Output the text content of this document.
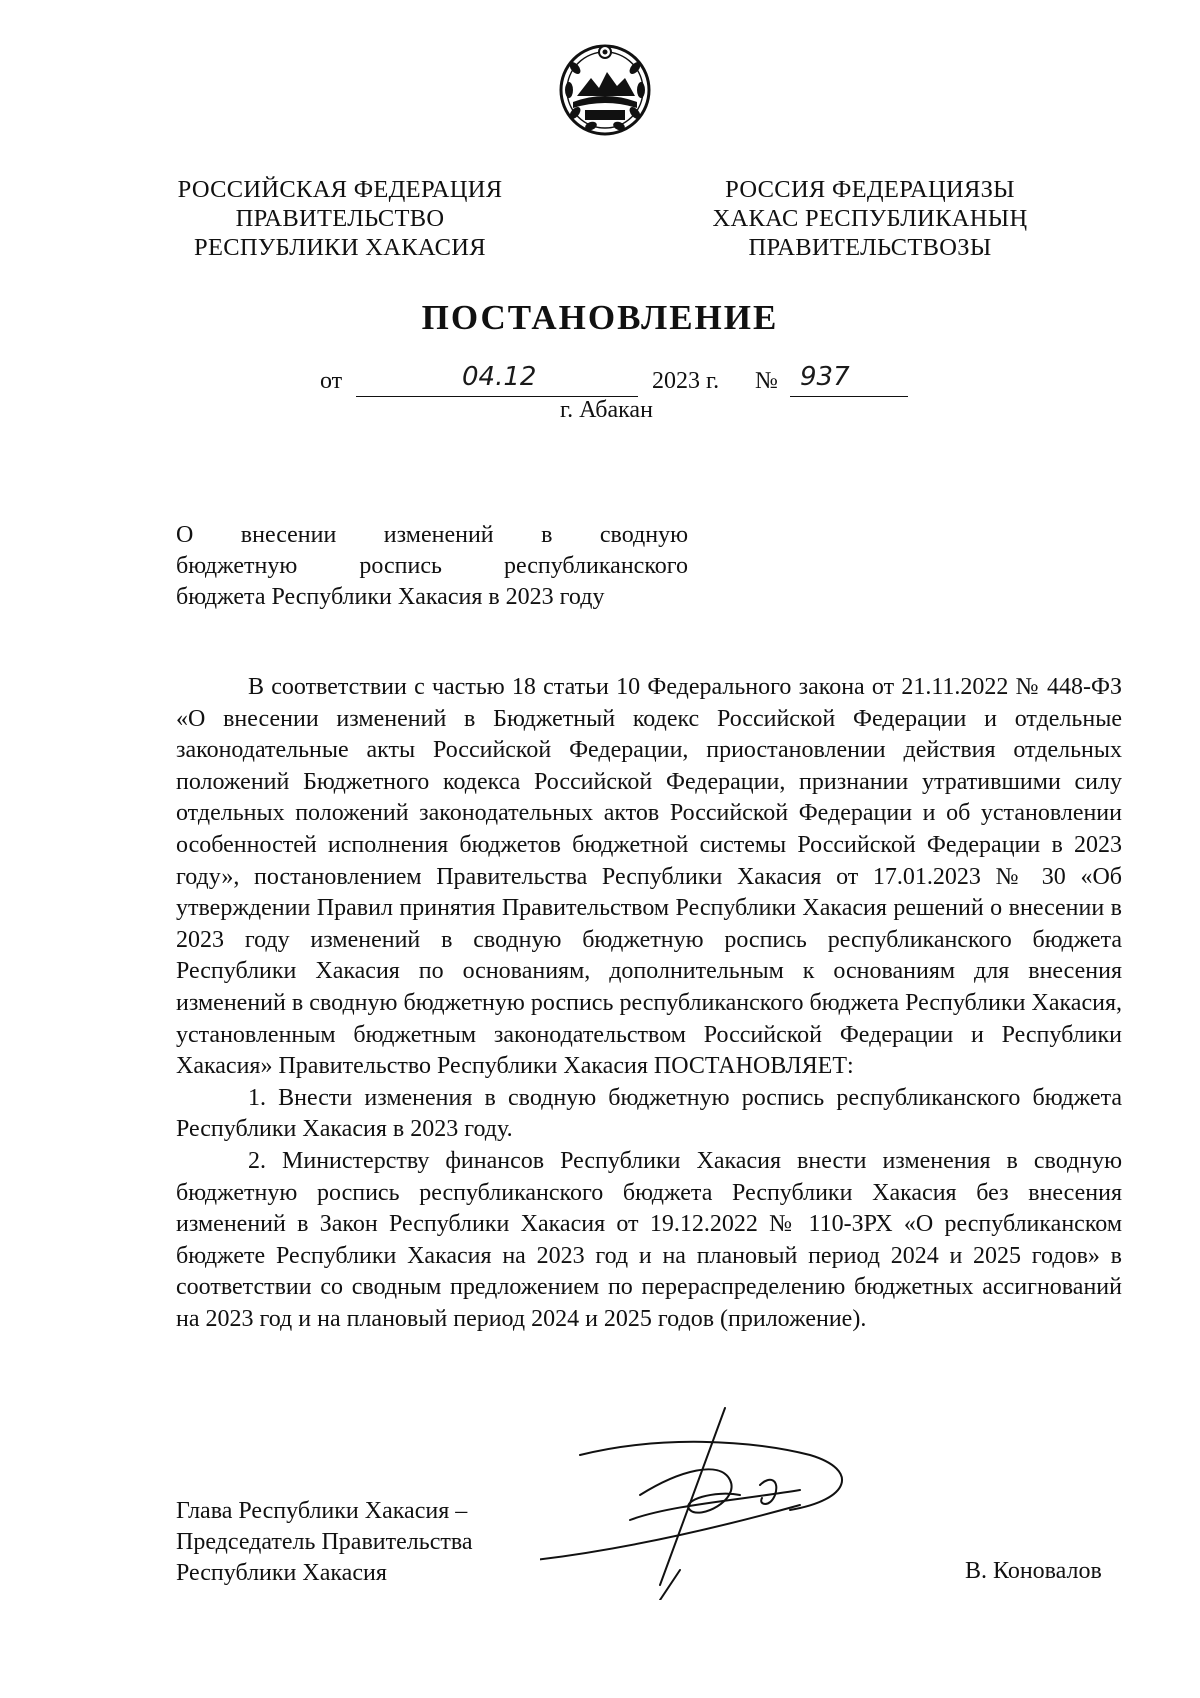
РОССИЙСКАЯ ФЕДЕРАЦИЯ
ПРАВИТЕЛЬСТВО
РЕСПУБЛИКИ ХАКАСИЯ
РОССИЯ ФЕДЕРАЦИЯЗЫ
ХАКАС РЕСПУБЛИКАНЫҢ
ПРАВИТЕЛЬСТВОЗЫ
ПОСТАНОВЛЕНИЕ
от	04.12	2023 г. № 937
г. Абакан
О внесении изменений в сводную
бюджетную роспись республиканского
бюджета Республики Хакасия в 2023 году

В соответствии с частью 18 статьи 10 Федерального закона от 21.11.2022 № 448-ФЗ «О внесении изменений в Бюджетный кодекс Российской Федерации и отдельные законодательные акты Российской Федерации, приостановлении действия отдельных положений Бюджетного кодекса Российской Федерации, признании утратившими силу отдельных положений законодательных актов Российской Федерации и об установлении особенностей исполнения бюджетов бюджетной системы Российской Федерации в 2023 году», постановлением Правительства Республики Хакасия от 17.01.2023 № 30 «Об утверждении Правил принятия Правительством Республики Хакасия решений о внесении в 2023 году изменений в сводную бюджетную роспись республиканского бюджета Республики Хакасия по основаниям, дополнительным к основаниям для внесения изменений в сводную бюджетную роспись республиканского бюджета Республики Хакасия, установленным бюджетным законодательством Российской Федерации и Республики Хакасия» Правительство Республики Хакасия ПОСТАНОВЛЯЕТ:

1. Внести изменения в сводную бюджетную роспись республиканского бюджета Республики Хакасия в 2023 году.

2. Министерству финансов Республики Хакасия внести изменения в сводную бюджетную роспись республиканского бюджета Республики Хакасия без внесения изменений в Закон Республики Хакасия от 19.12.2022 № 110-ЗРХ «О республиканском бюджете Республики Хакасия на 2023 год и на плановый период 2024 и 2025 годов» в соответствии со сводным предложением по перераспределению бюджетных ассигнований на 2023 год и на плановый период 2024 и 2025 годов (приложение).

Глава Республики Хакасия –
Председатель Правительства
Республики Хакасия	В. Коновалов
